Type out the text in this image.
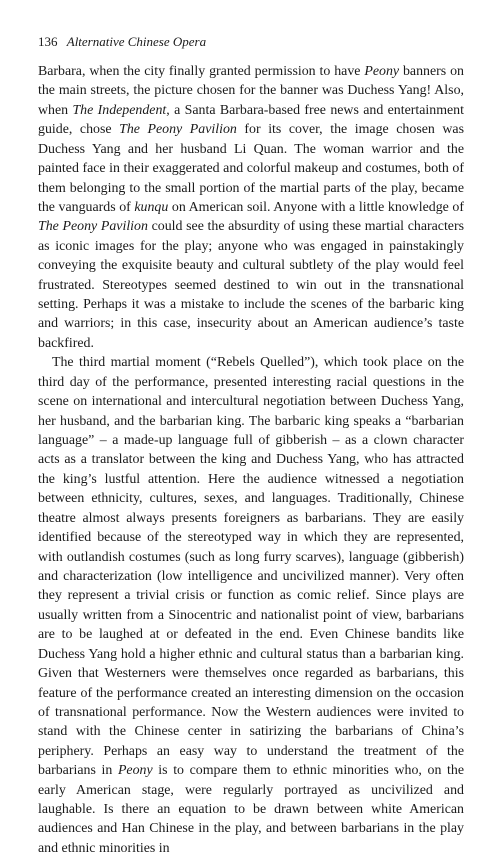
136 Alternative Chinese Opera

Barbara, when the city finally granted permission to have Peony banners on the main streets, the picture chosen for the banner was Duchess Yang! Also, when The Independent, a Santa Barbara-based free news and entertainment guide, chose The Peony Pavilion for its cover, the image chosen was Duchess Yang and her husband Li Quan. The woman warrior and the painted face in their exaggerated and colorful makeup and costumes, both of them belonging to the small portion of the martial parts of the play, became the vanguards of kunqu on American soil. Anyone with a little knowledge of The Peony Pavilion could see the absurdity of using these martial characters as iconic images for the play; anyone who was engaged in painstakingly conveying the exquisite beauty and cultural subtlety of the play would feel frustrated. Stereotypes seemed destined to win out in the transnational setting. Perhaps it was a mistake to include the scenes of the barbaric king and warriors; in this case, insecurity about an American audience’s taste backfired.

The third martial moment (“Rebels Quelled”), which took place on the third day of the performance, presented interesting racial questions in the scene on international and intercultural negotiation between Duchess Yang, her husband, and the barbarian king. The barbaric king speaks a “barbarian language” – a made-up language full of gibberish – as a clown character acts as a translator between the king and Duchess Yang, who has attracted the king’s lustful attention. Here the audience witnessed a negotiation between ethnicity, cultures, sexes, and languages. Traditionally, Chinese theatre almost always presents foreigners as barbarians. They are easily identified because of the stereotyped way in which they are represented, with outlandish costumes (such as long furry scarves), language (gibberish) and characterization (low intelligence and uncivilized manner). Very often they represent a trivial crisis or function as comic relief. Since plays are usually written from a Sinocentric and nationalist point of view, barbarians are to be laughed at or defeated in the end. Even Chinese bandits like Duchess Yang hold a higher ethnic and cultural status than a barbarian king. Given that Westerners were themselves once regarded as barbarians, this feature of the performance created an interesting dimension on the occasion of transnational performance. Now the Western audiences were invited to stand with the Chinese center in satirizing the barbarians of China’s periphery. Perhaps an easy way to understand the treatment of the barbarians in Peony is to compare them to ethnic minorities who, on the early American stage, were regularly portrayed as uncivilized and laughable. Is there an equation to be drawn between white American audiences and Han Chinese in the play, and between barbarians in the play and ethnic minorities in
